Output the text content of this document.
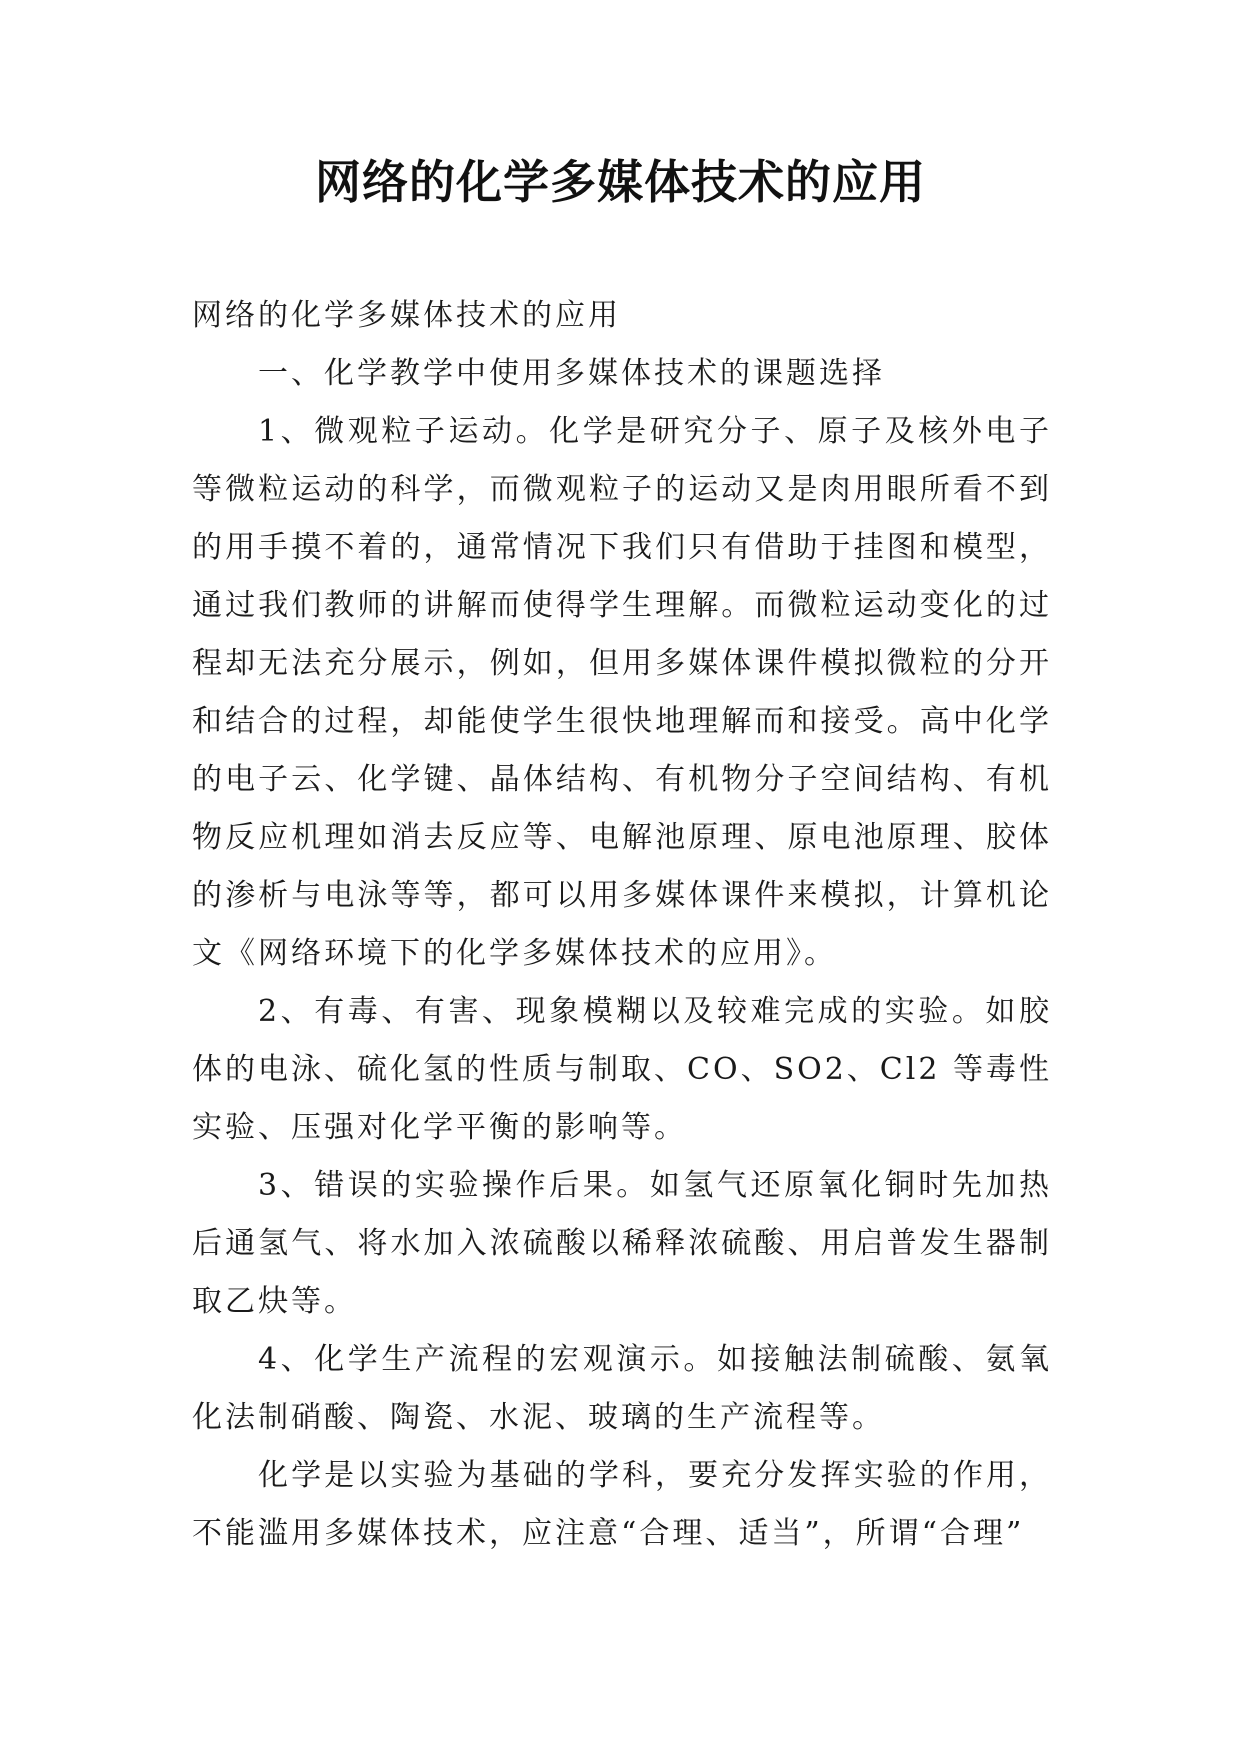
网络的化学多媒体技术的应用

网络的化学多媒体技术的应用

一、化学教学中使用多媒体技术的课题选择

1、微观粒子运动。化学是研究分子、原子及核外电子等微粒运动的科学，而微观粒子的运动又是肉用眼所看不到的用手摸不着的，通常情况下我们只有借助于挂图和模型，通过我们教师的讲解而使得学生理解。而微粒运动变化的过程却无法充分展示，例如，但用多媒体课件模拟微粒的分开和结合的过程，却能使学生很快地理解而和接受。高中化学的电子云、化学键、晶体结构、有机物分子空间结构、有机物反应机理如消去反应等、电解池原理、原电池原理、胶体的渗析与电泳等等，都可以用多媒体课件来模拟，计算机论文《网络环境下的化学多媒体技术的应用》。

2、有毒、有害、现象模糊以及较难完成的实验。如胶体的电泳、硫化氢的性质与制取、CO、SO2、Cl2 等毒性实验、压强对化学平衡的影响等。

3、错误的实验操作后果。如氢气还原氧化铜时先加热后通氢气、将水加入浓硫酸以稀释浓硫酸、用启普发生器制取乙炔等。

4、化学生产流程的宏观演示。如接触法制硫酸、氨氧化法制硝酸、陶瓷、水泥、玻璃的生产流程等。

化学是以实验为基础的学科，要充分发挥实验的作用，不能滥用多媒体技术，应注意“合理、适当”，所谓“合理”
